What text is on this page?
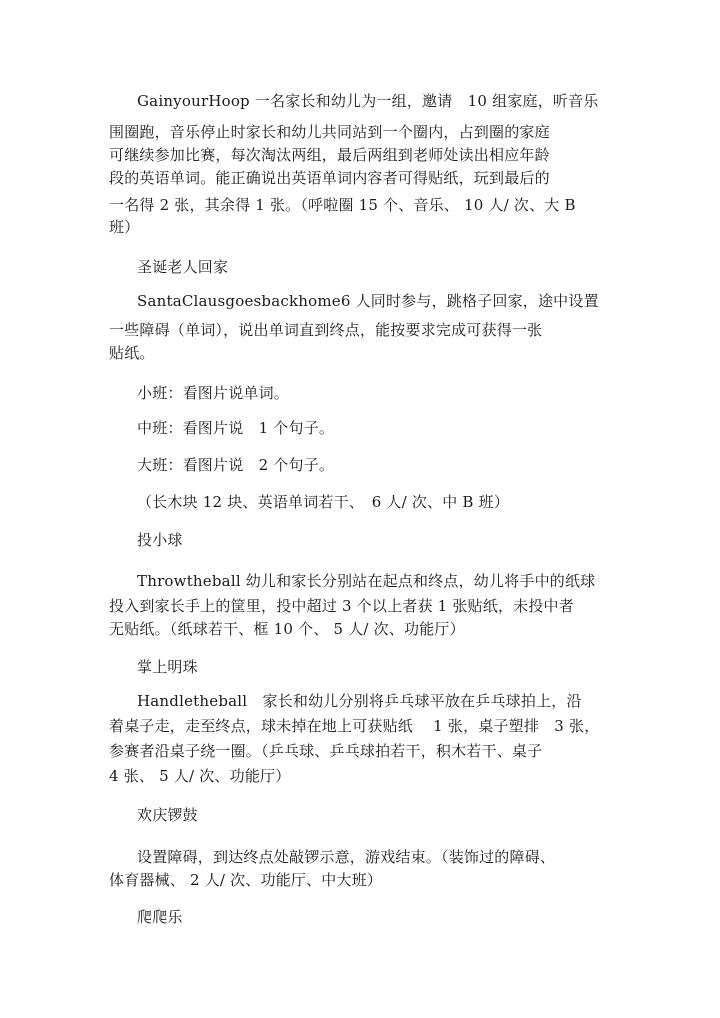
GainyourHoop 一名家长和幼儿为一组，邀请　10 组家庭，听音乐
围圈跑，音乐停止时家长和幼儿共同站到一个圈内，占到圈的家庭
可继续参加比赛，每次淘汰两组，最后两组到老师处读出相应年龄
段的英语单词。能正确说出英语单词内容者可得贴纸，玩到最后的
一名得 2 张，其余得 1 张。（呼啦圈 15 个、音乐、 10 人/ 次、大 B
班）
圣诞老人回家
SantaClausgoesbackhome6 人同时参与，跳格子回家，途中设置
一些障碍（单词），说出单词直到终点，能按要求完成可获得一张
贴纸。
小班：看图片说单词。
中班：看图片说　1 个句子。
大班：看图片说　2 个句子。
（长木块 12 块、英语单词若干、　6 人/ 次、中 B 班）
投小球
Throwtheball 幼儿和家长分别站在起点和终点，幼儿将手中的纸球
投入到家长手上的筐里，投中超过 3 个以上者获 1 张贴纸，未投中者
无贴纸。（纸球若干、框 10 个、 5 人/ 次、功能厅）
掌上明珠
Handletheball　家长和幼儿分别将乒乓球平放在乒乓球拍上，沿
着桌子走，走至终点，球未掉在地上可获贴纸　 1 张，桌子塑排　3 张，
参赛者沿桌子绕一圈。（乒乓球、乒乓球拍若干，积木若干、桌子
4 张、 5 人/ 次、功能厅）
欢庆锣鼓
设置障碍，到达终点处敲锣示意，游戏结束。（装饰过的障碍、
体育器械、 2 人/ 次、功能厅、中大班）
爬爬乐
